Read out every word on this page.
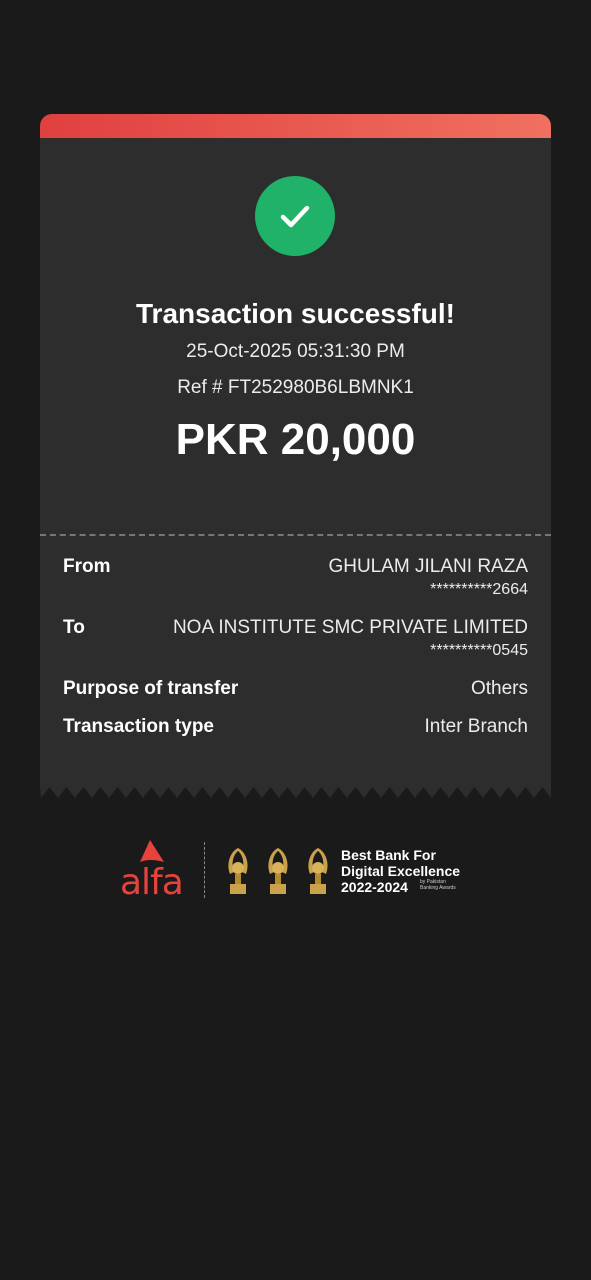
Transaction successful!
25-Oct-2025 05:31:30 PM
Ref # FT252980B6LBMNK1
PKR 20,000
From	GHULAM JILANI RAZA
**********2664
To	NOA INSTITUTE SMC PRIVATE LIMITED
**********0545
Purpose of transfer	Others
Transaction type	Inter Branch
alfa
Best Bank For
Digital Excellence
2022-2024 by Pakistan
Banking Awards
